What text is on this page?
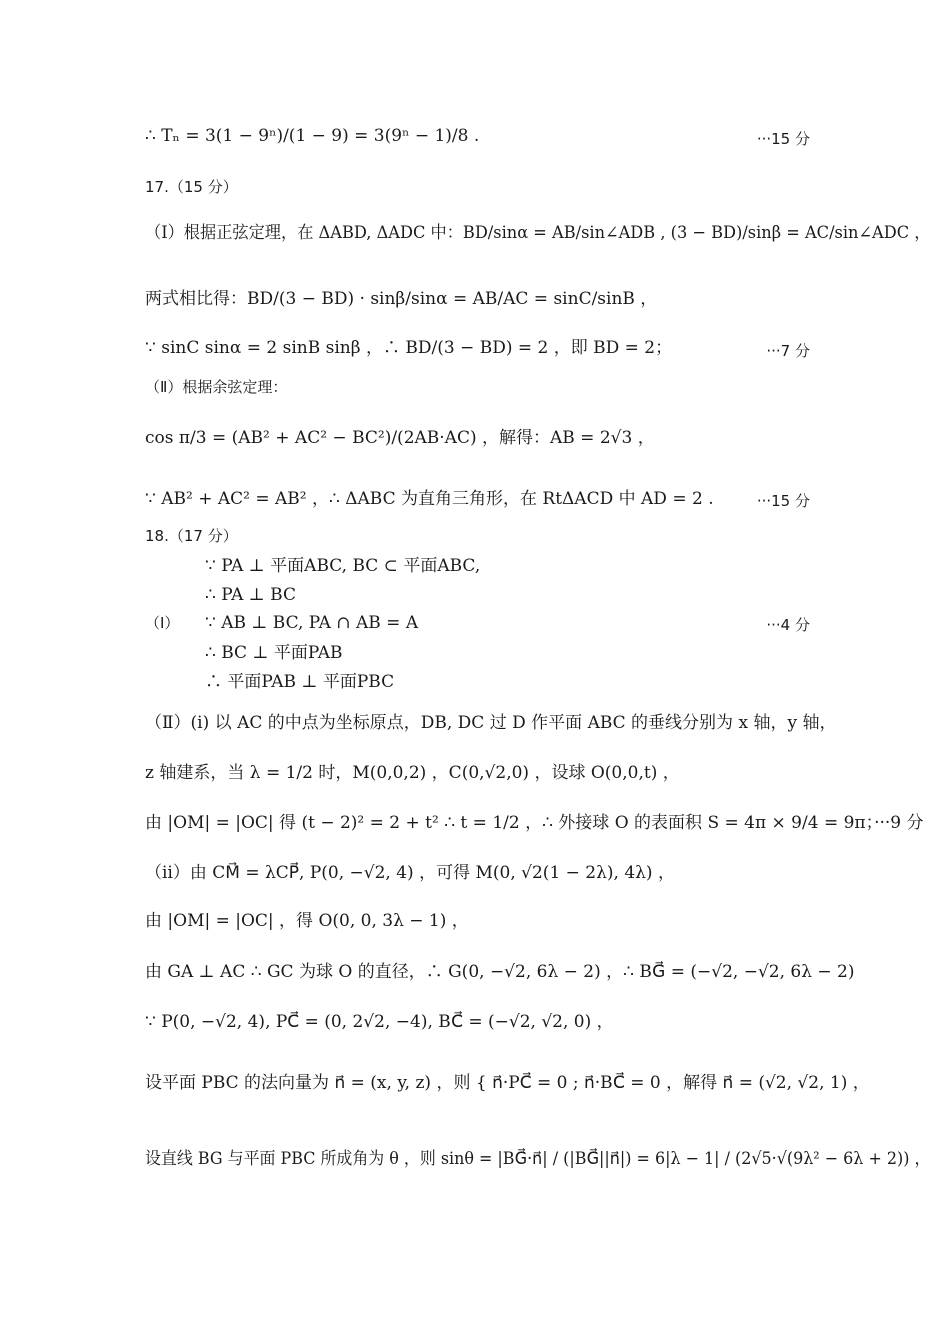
∴ Tₙ = 3(1 − 9ⁿ)/(1 − 9) = 3(9ⁿ − 1)/8 .	···15 分
17.（15 分）
（Ⅰ）根据正弦定理，在 ΔABD, ΔADC 中：BD/sinα = AB/sin∠ADB , (3 − BD)/sinβ = AC/sin∠ADC ，
两式相比得：BD/(3 − BD) · sinβ/sinα = AB/AC = sinC/sinB ，
∵ sinC sinα = 2 sinB sinβ ，∴ BD/(3 − BD) = 2 ，即 BD = 2；	···7 分
（Ⅱ）根据余弦定理：
cos π/3 = (AB² + AC² − BC²)/(2AB·AC) ，解得：AB = 2√3 ，
∵ AB² + AC² = AB² ，∴ ΔABC 为直角三角形，在 RtΔACD 中 AD = 2 .	···15 分
18.（17 分）
∵ PA ⊥ 平面ABC, BC ⊂ 平面ABC,
∴ PA ⊥ BC
（Ⅰ） ∵ AB ⊥ BC, PA ∩ AB = A	···4 分
∴ BC ⊥ 平面PAB
∴ 平面PAB ⊥ 平面PBC
（Ⅱ）(ⅰ) 以 AC 的中点为坐标原点，DB, DC 过 D 作平面 ABC 的垂线分别为 x 轴，y 轴，
z 轴建系，当 λ = 1/2 时，M(0,0,2) ，C(0,√2,0) ，设球 O(0,0,t) ，
由 |OM| = |OC| 得 (t − 2)² = 2 + t² ∴ t = 1/2 ，∴ 外接球 O 的表面积 S = 4π × 9/4 = 9π；···9 分
（ⅱ）由 CM⃗ = λCP⃗, P(0, −√2, 4) ，可得 M(0, √2(1 − 2λ), 4λ) ，
由 |OM| = |OC| ，得 O(0, 0, 3λ − 1) ，
由 GA ⊥ AC ∴ GC 为球 O 的直径，∴ G(0, −√2, 6λ − 2) ，∴ BG⃗ = (−√2, −√2, 6λ − 2)
∵ P(0, −√2, 4), PC⃗ = (0, 2√2, −4), BC⃗ = (−√2, √2, 0) ，
设平面 PBC 的法向量为 n⃗ = (x, y, z) ，则 { n⃗·PC⃗ = 0 ; n⃗·BC⃗ = 0 ，解得 n⃗ = (√2, √2, 1) ，
设直线 BG 与平面 PBC 所成角为 θ ，则 sinθ = |BG⃗·n⃗| / (|BG⃗||n⃗|) = 6|λ − 1| / (2√5·√(9λ² − 6λ + 2)) ，
